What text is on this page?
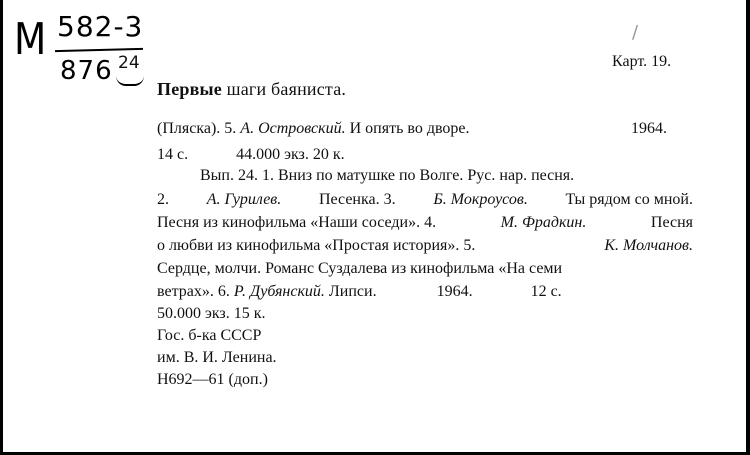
М 582-3
876 24
/
Карт. 19.
Первые шаги баяниста.
(Пляска). 5. А. Островский. И опять во дворе.	1964.
14 с.	44.000 экз. 20 к.
Вып. 24. 1. Вниз по матушке по Волге. Рус. нар. песня.
2. А. Гурилев. Песенка. 3. Б. Мокроусов. Ты рядом со мной.
Песня из кинофильма «Наши соседи». 4.	М. Фрадкин.	Песня
о любви из кинофильма «Простая история». 5.	К. Молчанов.
Сердце, молчи. Романс Суздалева из кинофильма «На семи
ветрах». 6. Р. Дубянский. Липси.	1964.	12 с.
50.000 экз. 15 к.
Гос. б-ка СССР
им. В. И. Ленина.
Н692—61 (доп.)
